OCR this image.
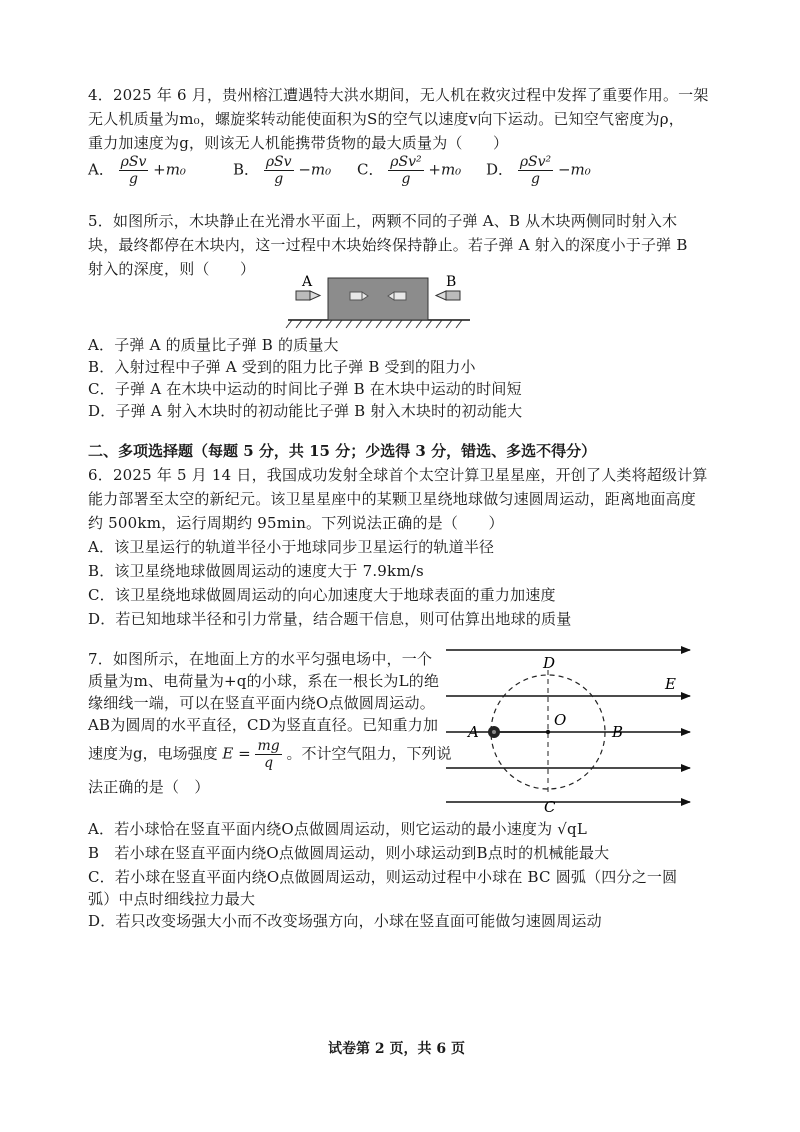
4．2025 年 6 月，贵州榕江遭遇特大洪水期间，无人机在救灾过程中发挥了重要作用。一架
无人机质量为m₀，螺旋桨转动能使面积为S的空气以速度v向下运动。已知空气密度为ρ，
重力加速度为g，则该无人机能携带货物的最大质量为（　　）
A． $\frac{\text{ρSv}}{g} +m_0$	B． $\frac{\text{ρSv}}{g} -m_0$ C． $\frac{\text{ρSv²}}{g} +m_0$ D． $\frac{\text{ρSv²}}{g} -m_0$
5．如图所示，木块静止在光滑水平面上，两颗不同的子弹 A、B 从木块两侧同时射入木
块，最终都停在木块内，这一过程中木块始终保持静止。若子弹 A 射入的深度小于子弹 B
射入的深度，则（　　）
A	B
A．子弹 A 的质量比子弹 B 的质量大
B．入射过程中子弹 A 受到的阻力比子弹 B 受到的阻力小
C．子弹 A 在木块中运动的时间比子弹 B 在木块中运动的时间短
D．子弹 A 射入木块时的初动能比子弹 B 射入木块时的初动能大
二、多项选择题（每题 5 分，共 15 分；少选得 3 分，错选、多选不得分）
6．2025 年 5 月 14 日，我国成功发射全球首个太空计算卫星星座，开创了人类将超级计算
能力部署至太空的新纪元。该卫星星座中的某颗卫星绕地球做匀速圆周运动，距离地面高度
约 500km，运行周期约 95min。下列说法正确的是（　　）
A．该卫星运行的轨道半径小于地球同步卫星运行的轨道半径
B．该卫星绕地球做圆周运动的速度大于 7.9km/s
C．该卫星绕地球做圆周运动的向心加速度大于地球表面的重力加速度
D．若已知地球半径和引力常量，结合题干信息，则可估算出地球的质量
7．如图所示，在地面上方的水平匀强电场中，一个
质量为m、电荷量为+q的小球，系在一根长为L的绝
缘细线一端，可以在竖直平面内绕O点做圆周运动。
AB为圆周的水平直径，CD为竖直直径。已知重力加
速度为g，电场强度 $E = \frac{mg}{q}$ 。不计空气阻力，下列说
法正确的是（　）
D
E
A
O
B
C
A．若小球恰在竖直平面内绕O点做圆周运动，则它运动的最小速度为 √qL
B　若小球在竖直平面内绕O点做圆周运动，则小球运动到B点时的机械能最大
C．若小球在竖直平面内绕O点做圆周运动，则运动过程中小球在 BC 圆弧（四分之一圆
弧）中点时细线拉力最大
D．若只改变场强大小而不改变场强方向，小球在竖直面可能做匀速圆周运动
试卷第 2 页，共 6 页
